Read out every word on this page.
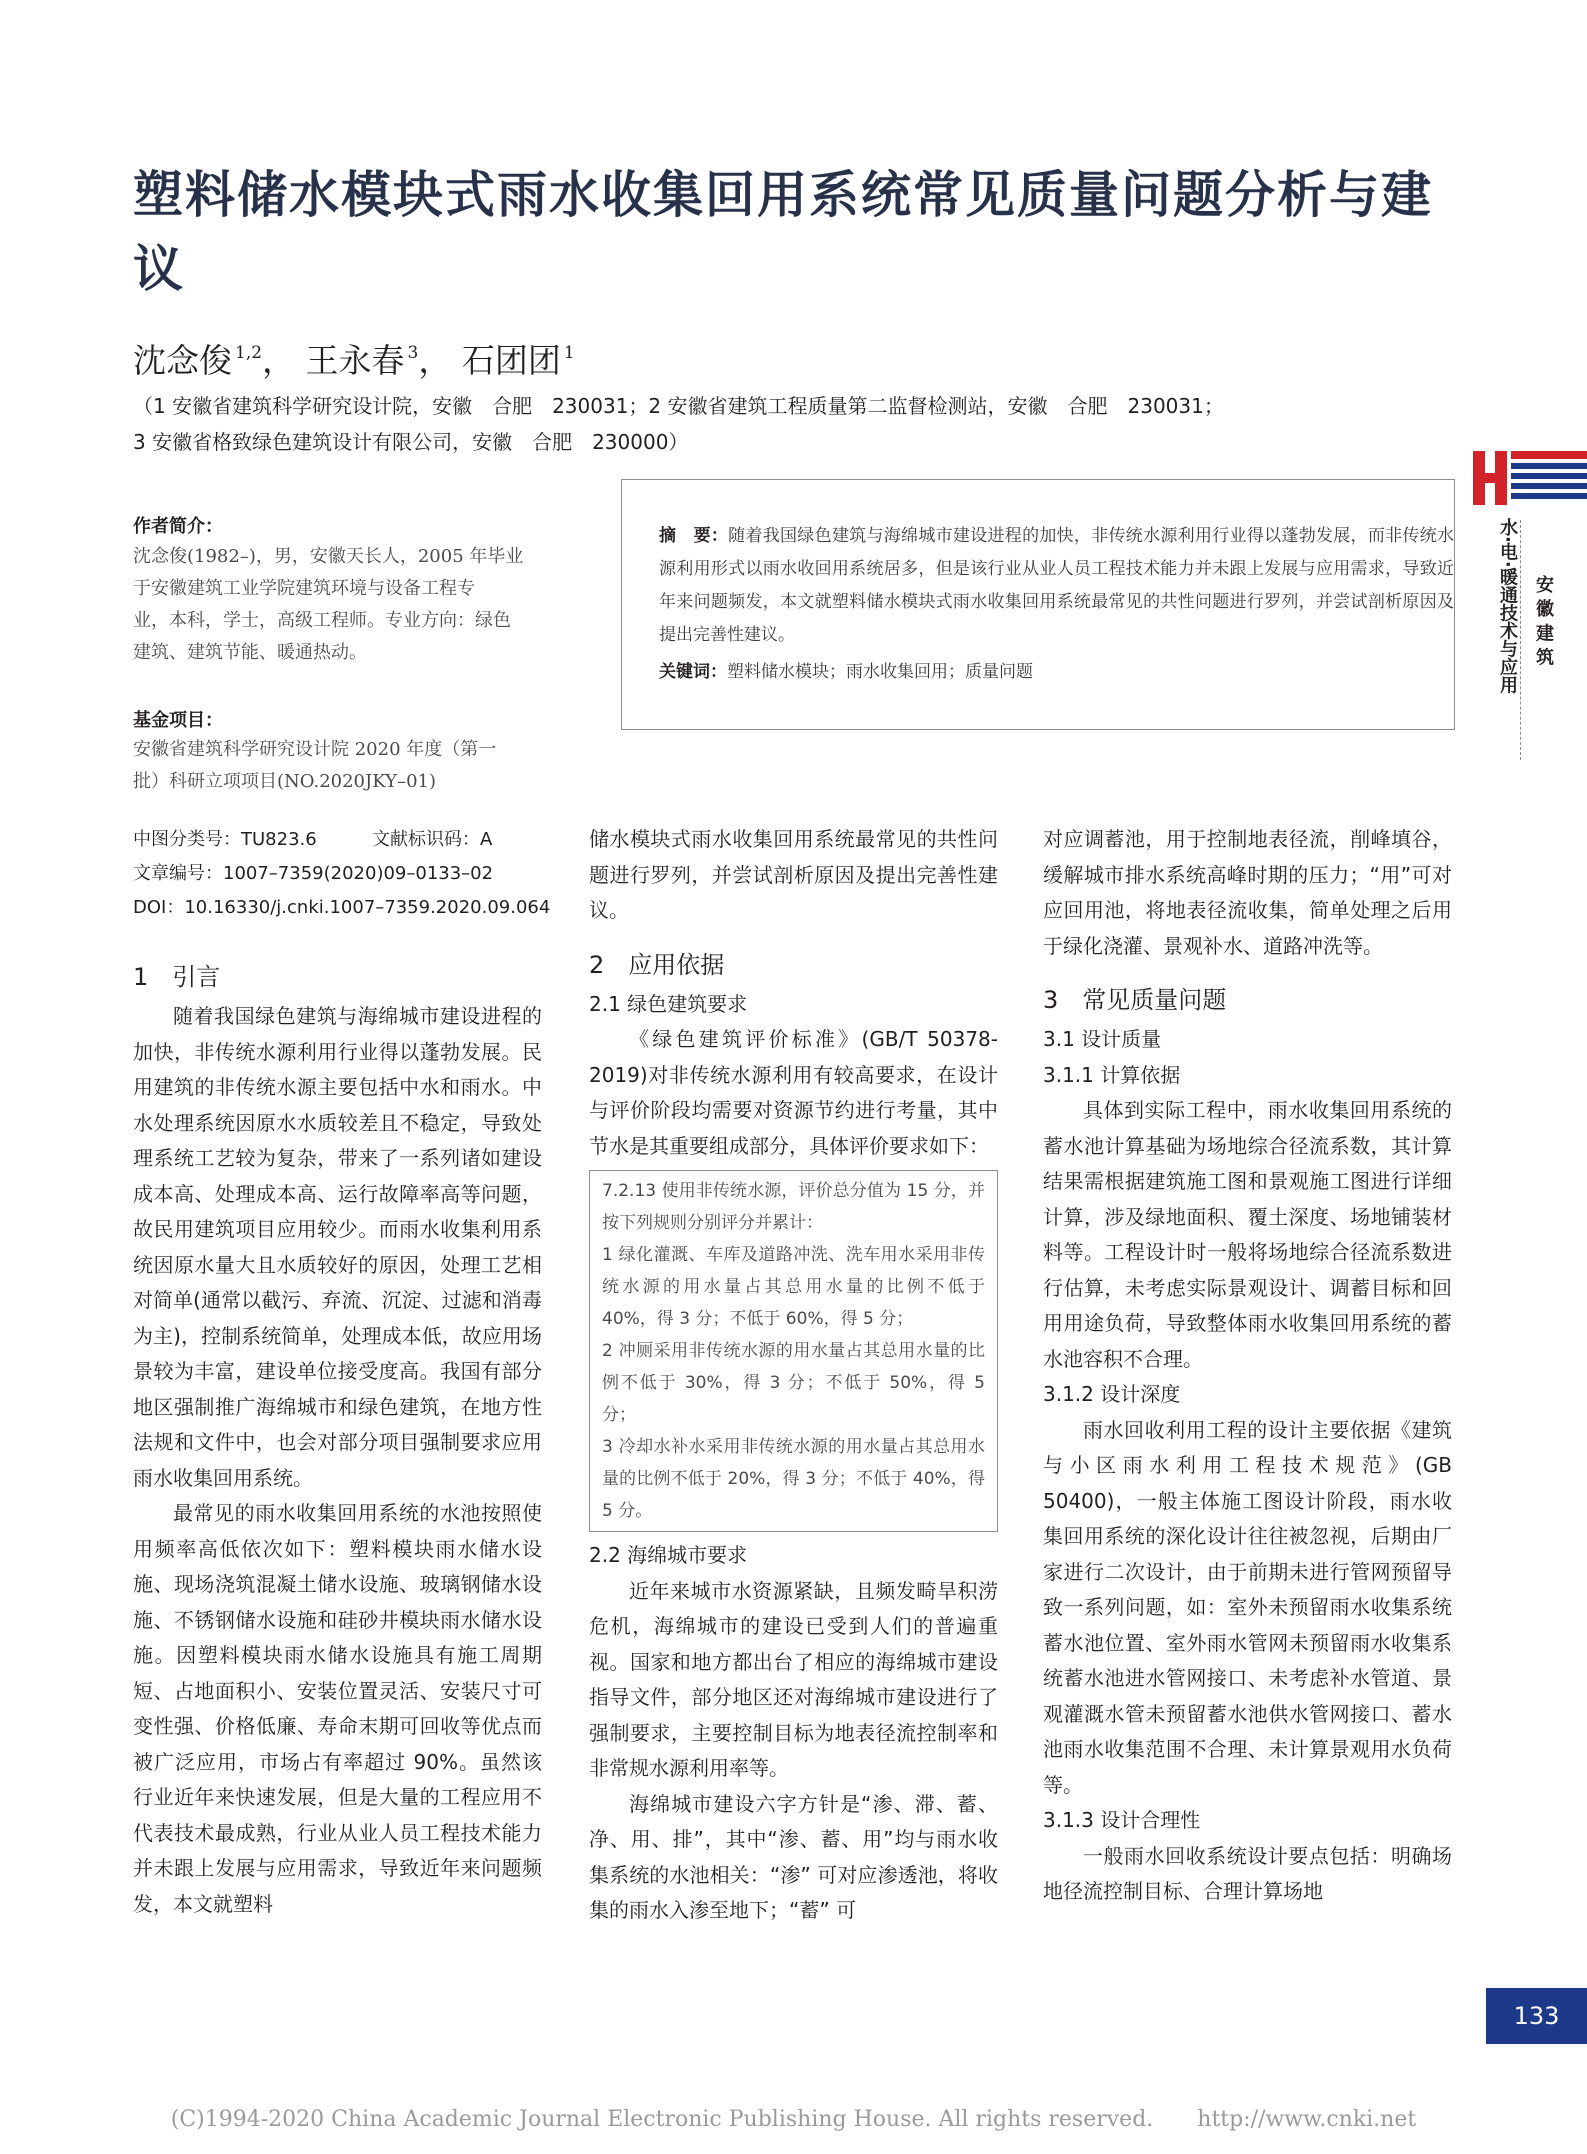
塑料储水模块式雨水收集回用系统常见质量问题分析与建议
沈念俊 $^{1,2}$， 王永春 $^3$， 石团团 $^1$
（1 安徽省建筑科学研究设计院，安徽　合肥　230031；2 安徽省建筑工程质量第二监督检测站，安徽　合肥　230031；
3 安徽省格致绿色建筑设计有限公司，安徽　合肥　230000）
水·电·暖通技术与应用 安 徽 建 筑
作者简介：
沈念俊(1982–)，男，安徽天长人，2005 年毕业
于安徽建筑工业学院建筑环境与设备工程专
业，本科，学士，高级工程师。专业方向：绿色
建筑、建筑节能、暖通热动。
基金项目：
安徽省建筑科学研究设计院 2020 年度（第一
批）科研立项项目(NO.2020JKY–01)
摘　要：随着我国绿色建筑与海绵城市建设进程的加快，非传统水源利用行业得以蓬勃发展，而非传统水源利用形式以雨水收回用系统居多，但是该行业从业人员工程技术能力并未跟上发展与应用需求，导致近年来问题频发，本文就塑料储水模块式雨水收集回用系统最常见的共性问题进行罗列，并尝试剖析原因及提出完善性建议。
关键词：塑料储水模块；雨水收集回用；质量问题
中图分类号：TU823.6	文献标识码：A
文章编号：1007–7359(2020)09–0133–02
DOI：10.16330/j.cnki.1007–7359.2020.09.064
1　引言

随着我国绿色建筑与海绵城市建设进程的加快，非传统水源利用行业得以蓬勃发展。民用建筑的非传统水源主要包括中水和雨水。中水处理系统因原水水质较差且不稳定，导致处理系统工艺较为复杂，带来了一系列诸如建设成本高、处理成本高、运行故障率高等问题，故民用建筑项目应用较少。而雨水收集利用系统因原水量大且水质较好的原因，处理工艺相对简单(通常以截污、弃流、沉淀、过滤和消毒为主)，控制系统简单，处理成本低，故应用场景较为丰富，建设单位接受度高。我国有部分地区强制推广海绵城市和绿色建筑，在地方性法规和文件中，也会对部分项目强制要求应用雨水收集回用系统。

最常见的雨水收集回用系统的水池按照使用频率高低依次如下：塑料模块雨水储水设施、现场浇筑混凝土储水设施、玻璃钢储水设施、不锈钢储水设施和硅砂井模块雨水储水设施。因塑料模块雨水储水设施具有施工周期短、占地面积小、安装位置灵活、安装尺寸可变性强、价格低廉、寿命末期可回收等优点而被广泛应用，市场占有率超过 90%。虽然该行业近年来快速发展，但是大量的工程应用不代表技术最成熟，行业从业人员工程技术能力并未跟上发展与应用需求，导致近年来问题频发，本文就塑料

储水模块式雨水收集回用系统最常见的共性问题进行罗列，并尝试剖析原因及提出完善性建议。

2　应用依据
2.1 绿色建筑要求

《绿色建筑评价标准》(GB/T 50378- 2019)对非传统水源利用有较高要求，在设计与评价阶段均需要对资源节约进行考量，其中节水是其重要组成部分，具体评价要求如下：

7.2.13 使用非传统水源，评价总分值为 15 分，并按下列规则分别评分并累计：
1 绿化灌溉、车库及道路冲洗、洗车用水采用非传统水源的用水量占其总用水量的比例不低于 40%，得 3 分；不低于 60%，得 5 分；
2 冲厕采用非传统水源的用水量占其总用水量的比例不低于 30%，得 3 分；不低于 50%，得 5 分；
3 冷却水补水采用非传统水源的用水量占其总用水量的比例不低于 20%，得 3 分；不低于 40%，得 5 分。
2.2 海绵城市要求

近年来城市水资源紧缺，且频发畸旱积涝危机，海绵城市的建设已受到人们的普遍重视。国家和地方都出台了相应的海绵城市建设指导文件，部分地区还对海绵城市建设进行了强制要求，主要控制目标为地表径流控制率和非常规水源利用率等。

海绵城市建设六字方针是“渗、滞、蓄、净、用、排”，其中“渗、蓄、用”均与雨水收集系统的水池相关：“渗” 可对应渗透池，将收集的雨水入渗至地下；“蓄” 可

对应调蓄池，用于控制地表径流，削峰填谷，缓解城市排水系统高峰时期的压力；“用”可对应回用池，将地表径流收集，简单处理之后用于绿化浇灌、景观补水、道路冲洗等。

3　常见质量问题
3.1 设计质量
3.1.1 计算依据

具体到实际工程中，雨水收集回用系统的蓄水池计算基础为场地综合径流系数，其计算结果需根据建筑施工图和景观施工图进行详细计算，涉及绿地面积、覆土深度、场地铺装材料等。工程设计时一般将场地综合径流系数进行估算，未考虑实际景观设计、调蓄目标和回用用途负荷，导致整体雨水收集回用系统的蓄水池容积不合理。

3.1.2 设计深度

雨水回收利用工程的设计主要依据《建筑与小区雨水利用工程技术规范》(GB 50400)，一般主体施工图设计阶段，雨水收集回用系统的深化设计往往被忽视，后期由厂家进行二次设计，由于前期未进行管网预留导致一系列问题，如：室外未预留雨水收集系统蓄水池位置、室外雨水管网未预留雨水收集系统蓄水池进水管网接口、未考虑补水管道、景观灌溉水管未预留蓄水池供水管网接口、蓄水池雨水收集范围不合理、未计算景观用水负荷等。

3.1.3 设计合理性

一般雨水回收系统设计要点包括：明确场地径流控制目标、合理计算场地

133
(C)1994-2020 China Academic Journal Electronic Publishing House. All rights reserved.　　http://www.cnki.net
